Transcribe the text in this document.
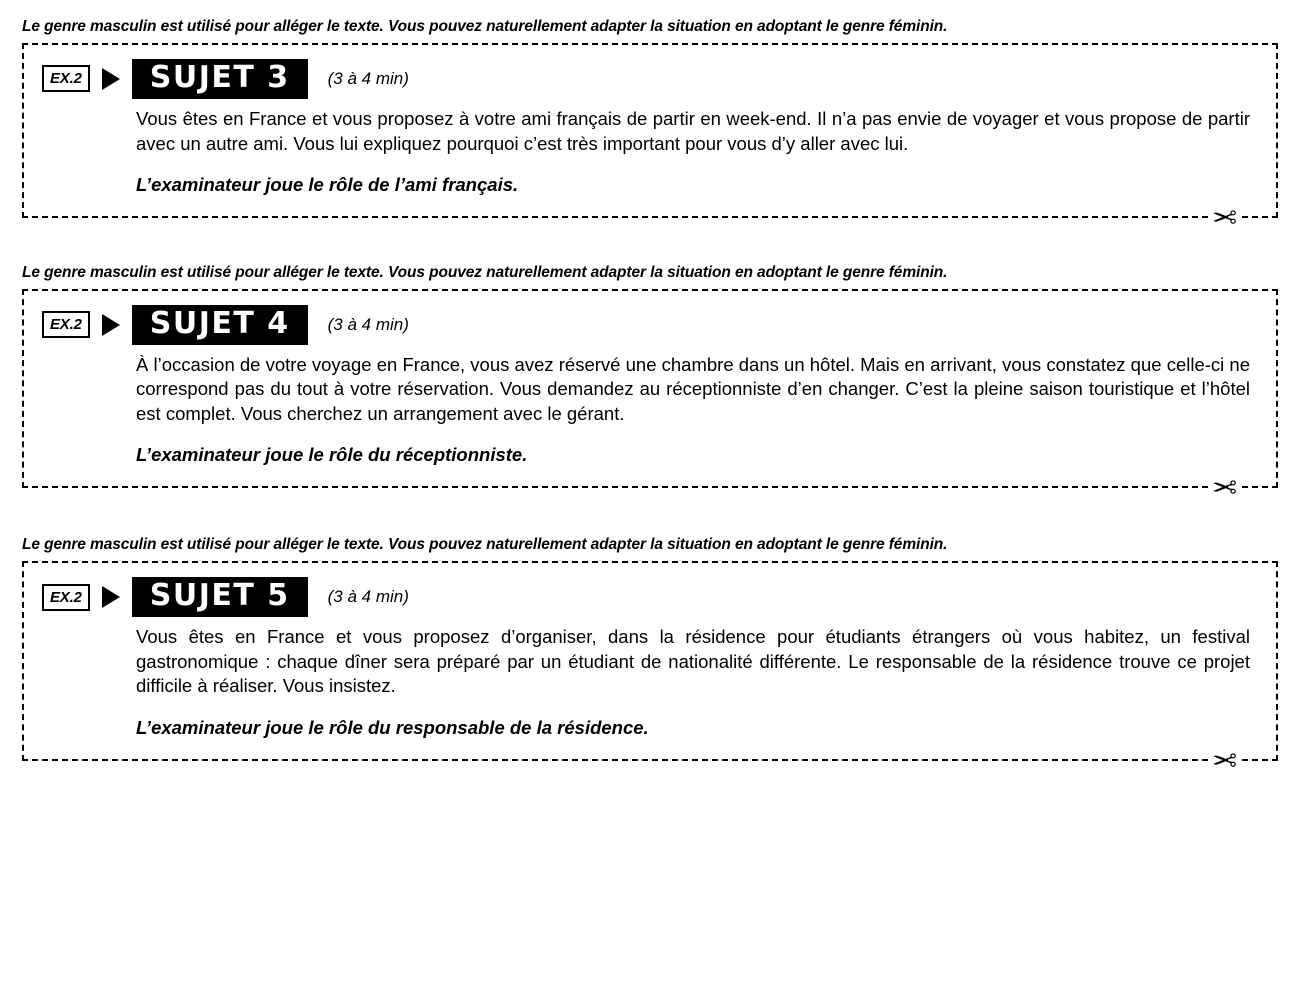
Le genre masculin est utilisé pour alléger le texte. Vous pouvez naturellement adapter la situation en adoptant le genre féminin.
EX.2	SUJET 3	(3 à 4 min)
Vous êtes en France et vous proposez à votre ami français de partir en week-end. Il n’a pas envie de voyager et vous propose de partir avec un autre ami. Vous lui expliquez pourquoi c’est très important pour vous d’y aller avec lui.
L’examinateur joue le rôle de l’ami français.
✂
Le genre masculin est utilisé pour alléger le texte. Vous pouvez naturellement adapter la situation en adoptant le genre féminin.
EX.2	SUJET 4	(3 à 4 min)
À l’occasion de votre voyage en France, vous avez réservé une chambre dans un hôtel. Mais en arrivant, vous constatez que celle-ci ne correspond pas du tout à votre réservation. Vous demandez au réceptionniste d’en changer. C’est la pleine saison touristique et l’hôtel est complet. Vous cherchez un arrangement avec le gérant.
L’examinateur joue le rôle du réceptionniste.
✂
Le genre masculin est utilisé pour alléger le texte. Vous pouvez naturellement adapter la situation en adoptant le genre féminin.
EX.2	SUJET 5	(3 à 4 min)
Vous êtes en France et vous proposez d’organiser, dans la résidence pour étudiants étrangers où vous habitez, un festival gastronomique : chaque dîner sera préparé par un étudiant de nationalité différente. Le responsable de la résidence trouve ce projet difficile à réaliser. Vous insistez.
L’examinateur joue le rôle du responsable de la résidence.
✂
